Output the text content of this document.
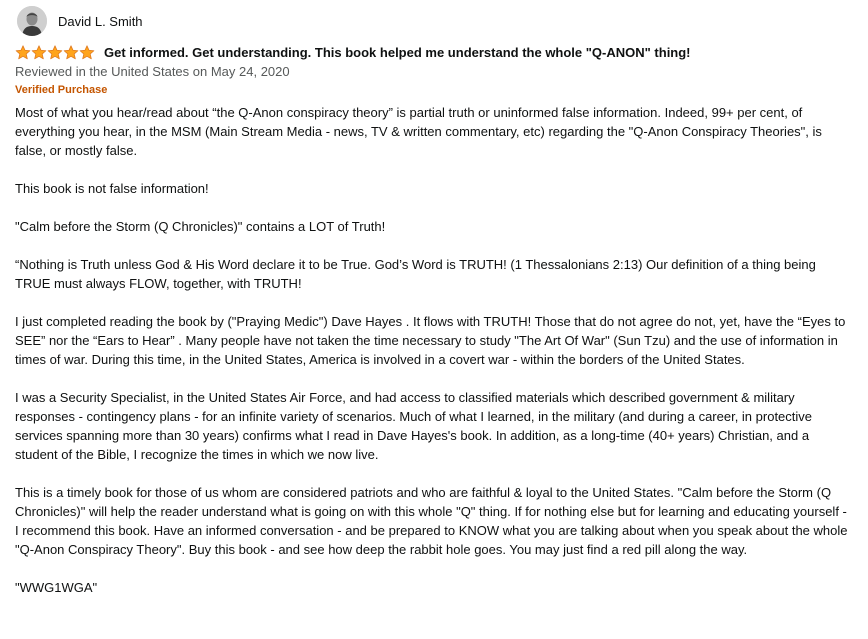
David L. Smith
Get informed. Get understanding. This book helped me understand the whole "Q-ANON" thing!
Reviewed in the United States on May 24, 2020
Verified Purchase

Most of what you hear/read about “the Q-Anon conspiracy theory” is partial truth or uninformed false information. Indeed, 99+ per cent, of everything you hear, in the MSM (Main Stream Media - news, TV & written commentary, etc) regarding the "Q-Anon Conspiracy Theories", is false, or mostly false.

This book is not false information!

"Calm before the Storm (Q Chronicles)" contains a LOT of Truth!

“Nothing is Truth unless God & His Word declare it to be True. God’s Word is TRUTH! (1 Thessalonians 2:13) Our definition of a thing being TRUE must always FLOW, together, with TRUTH!

I just completed reading the book by ("Praying Medic") Dave Hayes . It flows with TRUTH! Those that do not agree do not, yet, have the “Eyes to SEE” nor the “Ears to Hear” . Many people have not taken the time necessary to study "The Art Of War" (Sun Tzu) and the use of information in times of war. During this time, in the United States, America is involved in a covert war - within the borders of the United States.

I was a Security Specialist, in the United States Air Force, and had access to classified materials which described government & military responses - contingency plans - for an infinite variety of scenarios. Much of what I learned, in the military (and during a career, in protective services spanning more than 30 years) confirms what I read in Dave Hayes's book. In addition, as a long-time (40+ years) Christian, and a student of the Bible, I recognize the times in which we now live.

This is a timely book for those of us whom are considered patriots and who are faithful & loyal to the United States. "Calm before the Storm (Q Chronicles)" will help the reader understand what is going on with this whole "Q" thing. If for nothing else but for learning and educating yourself - I recommend this book. Have an informed conversation - and be prepared to KNOW what you are talking about when you speak about the whole "Q-Anon Conspiracy Theory". Buy this book - and see how deep the rabbit hole goes. You may just find a red pill along the way.

"WWG1WGA"
